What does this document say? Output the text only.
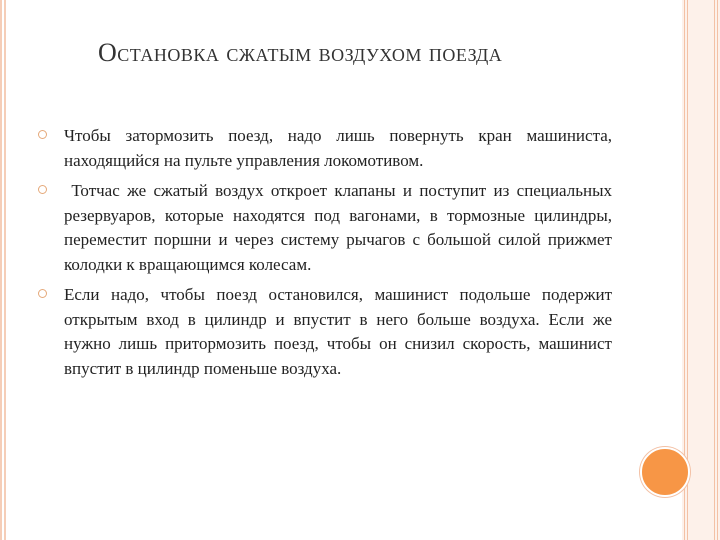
Остановка сжатым воздухом поезда
Чтобы затормозить поезд, надо лишь повернуть кран машиниста, находящийся на пульте управления локомотивом.
Тотчас же сжатый воздух откроет клапаны и поступит из специальных резервуаров, которые находятся под вагонами, в тормозные цилиндры, переместит поршни и через систему рычагов с большой силой прижмет колодки к вращающимся колесам.
Если надо, чтобы поезд остановился, машинист подольше подержит открытым вход в цилиндр и впустит в него больше воздуха. Если же нужно лишь притормозить поезд, чтобы он снизил скорость, машинист впустит в цилиндр поменьше воздуха.
